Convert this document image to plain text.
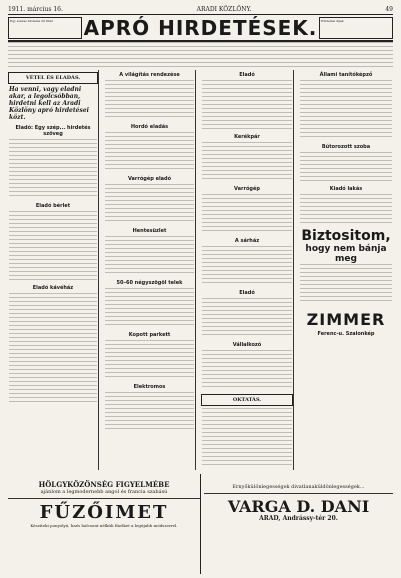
1911. március 16.	ARADI KÖZLÖNY.	49
Egy szavas hirdetés 20 fillér	APRÓ HIRDETÉSEK.	Hirdetési díjak
VÉTEL ÉS ELADÁS.
Ha venni, vagy eladni akar, a legolcsóbban, hirdetni kell az Aradi Közlöny apró hirdetései közt.
Eladó: Egy szép... hirdetés szöveg
Eladó bérlet
Eladó kávéház
A világítás rendezése
Hordó eladás
Varrógép eladó
Hentesüzlet
50–60 négyszögöl telek
Kopott parkett
Elektromos
Eladó
Kerékpár
Varrógép
A sárház
Eladó
Vállalkozó
OKTATÁS.
Állami tanítóképző
Bútorozott szoba
Kiadó lakás
Biztositom,
hogy nem bánja meg
ZIMMER
Ferenc-u. Szalonkép
HÖLGYKÖZÖNSÉG FIGYELMÉBE
ajánlom a legmodernebb angol és francia szabású
FŰZŐIMET
Késziteki ponyolyá, haés halcsont nélküli fűzőket a legújabb módszerrel.
Ernyőkülönlegességek divatlanaküldönlegességek...
VARGA D. DANI
ARAD, Andrássy-tér 20.
